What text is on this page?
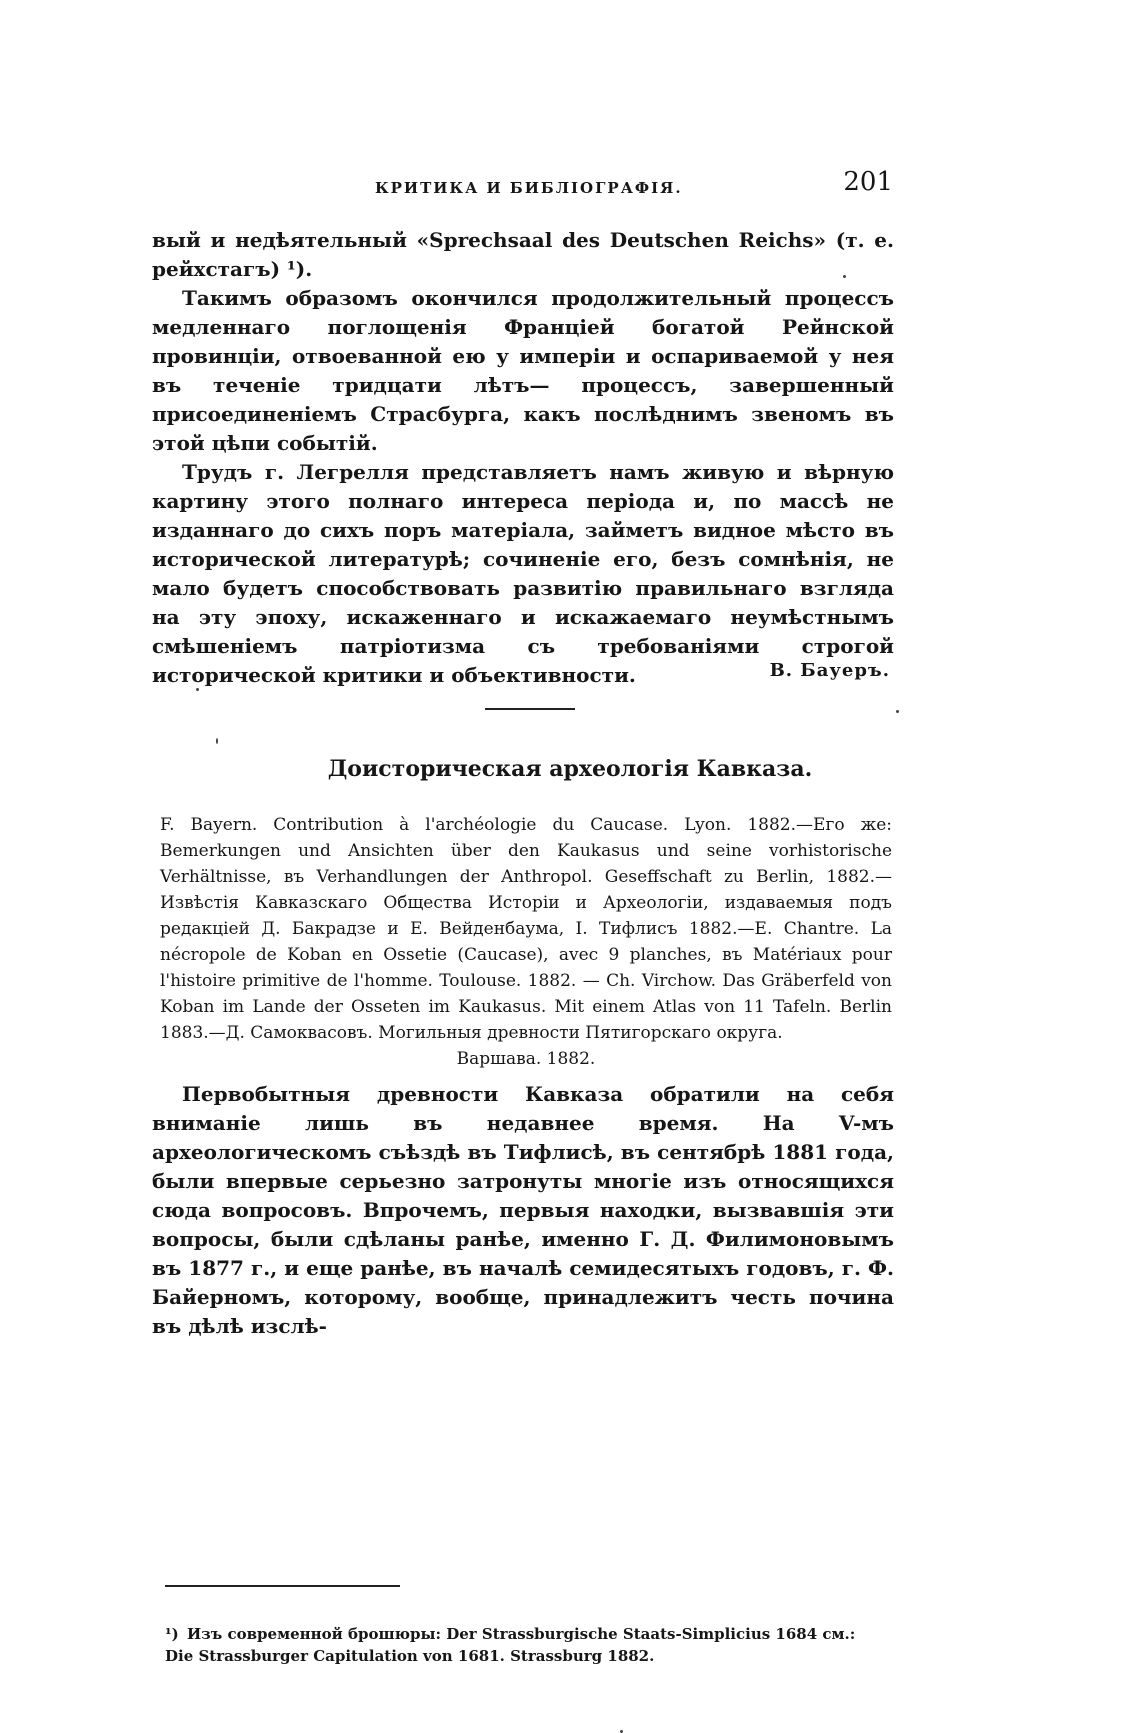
КРИТИКА И БИБЛІОГРАФІЯ.	201

вый и недѣятельный «Sprechsaal des Deutschen Reichs» (т. е. рейхстагъ) ¹).

Такимъ образомъ окончился продолжительный процессъ медленнаго поглощенія Франціей богатой Рейнской провинціи, отвоеванной ею у имперіи и оспариваемой у нея въ теченіе тридцати лѣтъ— процессъ, завершенный присоединеніемъ Страсбурга, какъ послѣднимъ звеномъ въ этой цѣпи событій.

Трудъ г. Легрелля представляетъ намъ живую и вѣрную картину этого полнаго интереса періода и, по массѣ не изданнаго до сихъ поръ матеріала, займетъ видное мѣсто въ исторической литературѣ; сочиненіе его, безъ сомнѣнія, не мало будетъ способствовать развитію правильнаго взгляда на эту эпоху, искаженнаго и искажаемаго неумѣстнымъ смѣшеніемъ патріотизма съ требованіями строгой исторической критики и объективности.	В. Бауеръ.
Доисторическая археологія Кавказа.

F. Bayern. Contribution à l'archéologie du Caucase. Lyon. 1882.—Его же: Bemerkungen und Ansichten über den Kaukasus und seine vorhistorische Verhältnisse, въ Verhandlungen der Anthropol. Geseffschaft zu Berlin, 1882.—Извѣстія Кавказскаго Общества Исторіи и Археологіи, издаваемыя подъ редакціей Д. Бакрадзе и Е. Вейденбаума, I. Тифлисъ 1882.—E. Chantre. La nécropole de Koban en Ossetie (Caucase), avec 9 planches, въ Matériaux pour l'histoire primitive de l'homme. Toulouse. 1882. — Ch. Virchow. Das Gräberfeld von Koban im Lande der Osseten im Kaukasus. Mit einem Atlas von 11 Tafeln. Berlin 1883.—Д. Самоквасовъ. Могильныя древности Пятигорскаго округа.
Варшава. 1882.

Первобытныя древности Кавказа обратили на себя вниманіе лишь въ недавнее время. На V-мъ археологическомъ съѣздѣ въ Тифлисѣ, въ сентябрѣ 1881 года, были впервые серьезно затронуты многіе изъ относящихся сюда вопросовъ. Впрочемъ, первыя находки, вызвавшія эти вопросы, были сдѣланы ранѣе, именно Г. Д. Филимоновымъ въ 1877 г., и еще ранѣе, въ началѣ семидесятыхъ годовъ, г. Ф. Байерномъ, которому, вообще, принадлежитъ честь почина въ дѣлѣ изслѣ-

¹) Изъ современной брошюры: Der Strassburgische Staats-Simplicius 1684 см.: Die Strassburger Capitulation von 1681. Strassburg 1882.
